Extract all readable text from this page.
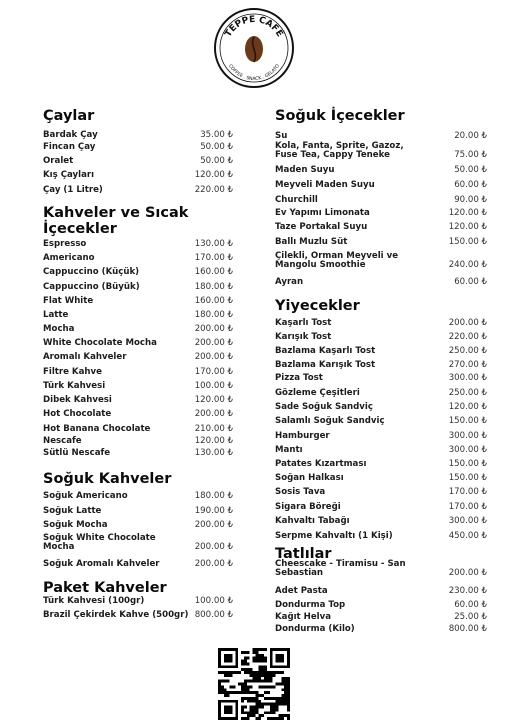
TEPPE CAFÉ
COFFEE . SNACK . GELATO
Çaylar
Kahveler ve Sıcak İçecekler
Soğuk Kahveler
Paket Kahveler
Soğuk İçecekler
Yiyecekler
Tatlılar
Bardak Çay	35.00 ₺
Fincan Çay	50.00 ₺
Oralet	50.00 ₺
Kış Çayları	120.00 ₺
Çay (1 Litre)	220.00 ₺
Espresso	130.00 ₺
Americano	170.00 ₺
Cappuccino (Küçük)	160.00 ₺
Cappuccino (Büyük)	180.00 ₺
Flat White	160.00 ₺
Latte	180.00 ₺
Mocha	200.00 ₺
White Chocolate Mocha	200.00 ₺
Aromalı Kahveler	200.00 ₺
Filtre Kahve	170.00 ₺
Türk Kahvesi	100.00 ₺
Dibek Kahvesi	120.00 ₺
Hot Chocolate	200.00 ₺
Hot Banana Chocolate	210.00 ₺
Nescafe	120.00 ₺
Sütlü Nescafe	130.00 ₺
Soğuk Americano	180.00 ₺
Soğuk Latte	190.00 ₺
Soğuk Mocha	200.00 ₺
Soğuk White Chocolate Mocha	200.00 ₺
Soğuk Aromalı Kahveler	200.00 ₺
Türk Kahvesi (100gr)	100.00 ₺
Brazil Çekirdek Kahve (500gr) 800.00 ₺
Su	20.00 ₺
Kola, Fanta, Sprite, Gazoz, Fuse Tea, Cappy Teneke	75.00 ₺
Maden Suyu	50.00 ₺
Meyveli Maden Suyu	60.00 ₺
Churchill	90.00 ₺
Ev Yapımı Limonata	120.00 ₺
Taze Portakal Suyu	120.00 ₺
Ballı Muzlu Süt	150.00 ₺
Çilekli, Orman Meyveli ve Mangolu Smoothie	240.00 ₺
Ayran	60.00 ₺
Kaşarlı Tost	200.00 ₺
Karışık Tost	220.00 ₺
Bazlama Kaşarlı Tost	250.00 ₺
Bazlama Karışık Tost	270.00 ₺
Pizza Tost	300.00 ₺
Gözleme Çeşitleri	250.00 ₺
Sade Soğuk Sandviç	120.00 ₺
Salamlı Soğuk Sandviç	150.00 ₺
Hamburger	300.00 ₺
Mantı	300.00 ₺
Patates Kızartması	150.00 ₺
Soğan Halkası	150.00 ₺
Sosis Tava	170.00 ₺
Sigara Böreği	170.00 ₺
Kahvaltı Tabağı	300.00 ₺
Serpme Kahvaltı (1 Kişi)	450.00 ₺
Cheescake - Tiramisu - San Sebastian	200.00 ₺
Adet Pasta	230.00 ₺
Dondurma Top	60.00 ₺
Kağıt Helva	25.00 ₺
Dondurma (Kilo)	800.00 ₺
